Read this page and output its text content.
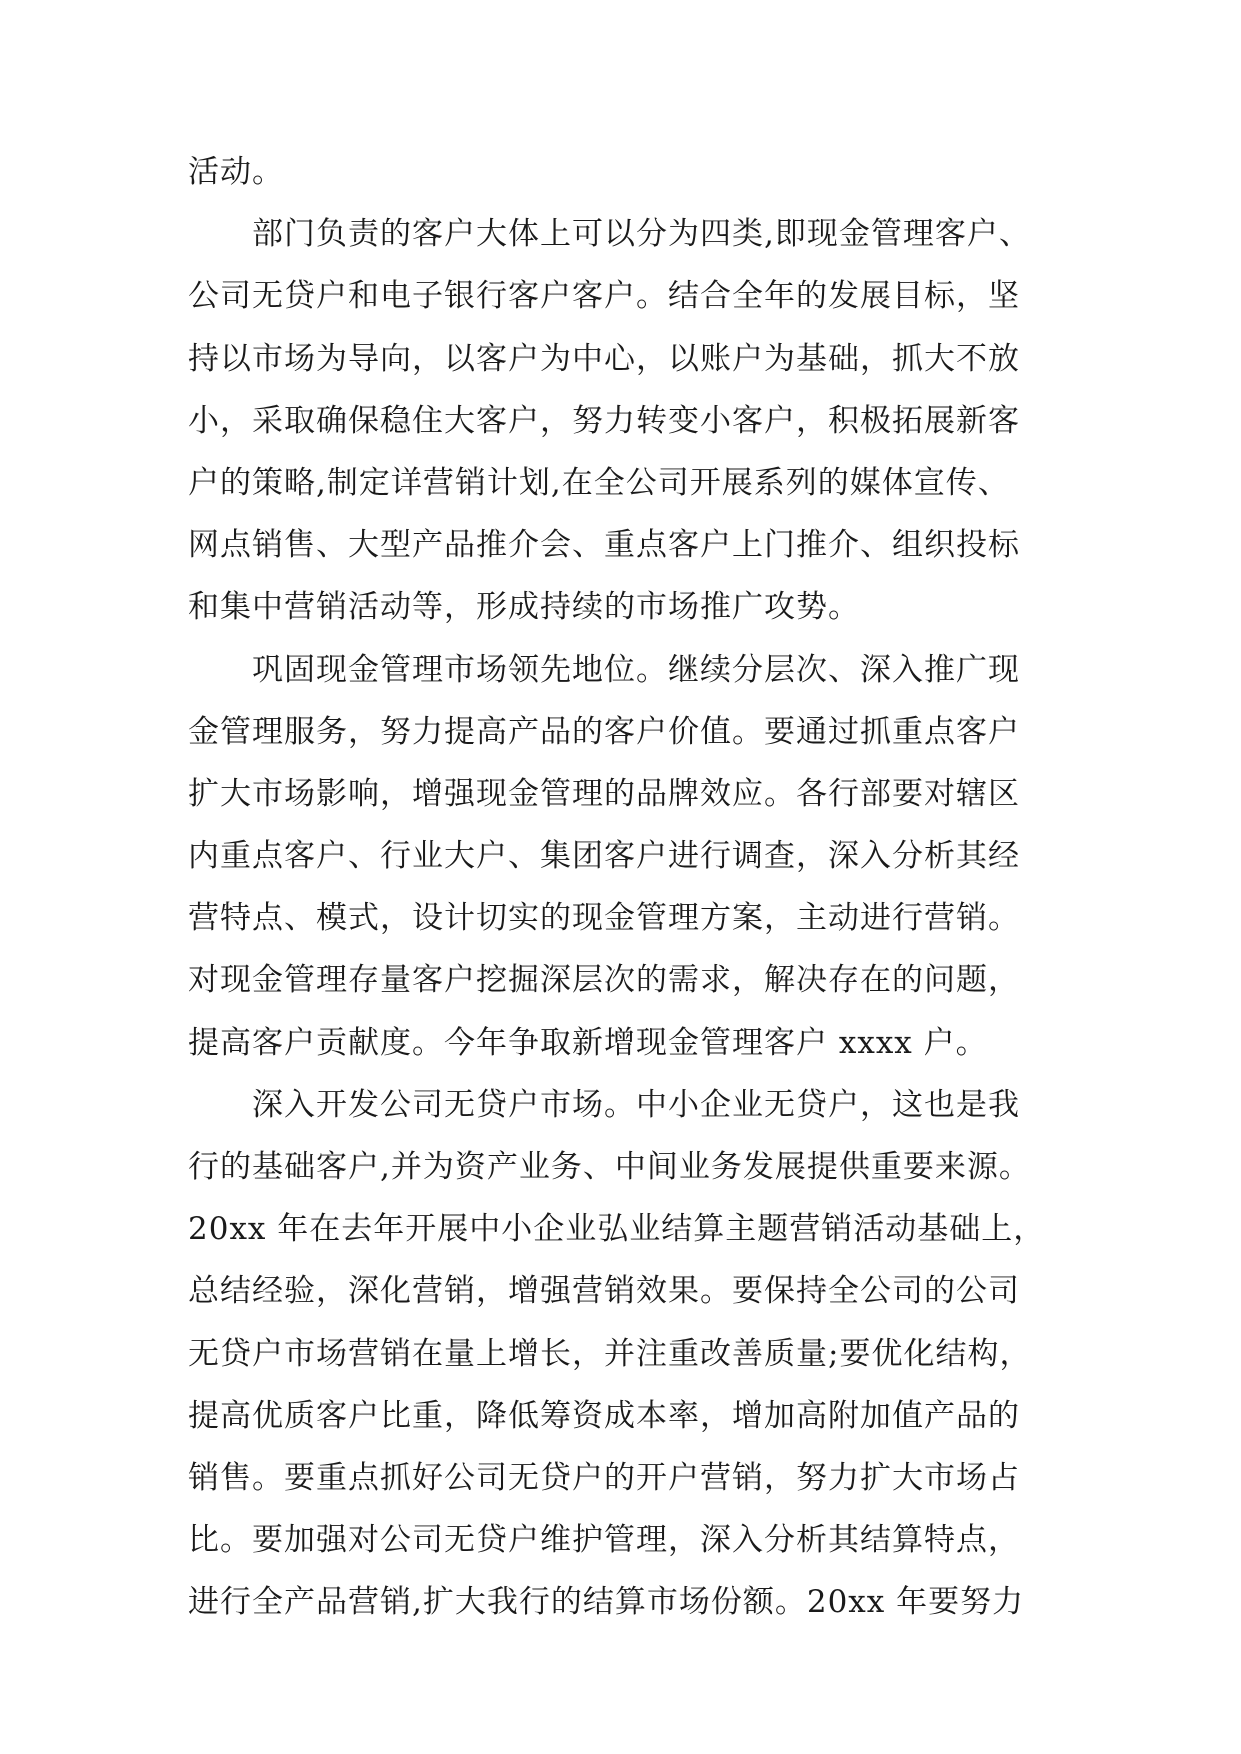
活动。
部门负责的客户大体上可以分为四类,即现金管理客户、
公司无贷户和电子银行客户客户。结合全年的发展目标，坚
持以市场为导向，以客户为中心，以账户为基础，抓大不放
小，采取确保稳住大客户，努力转变小客户，积极拓展新客
户的策略,制定详营销计划,在全公司开展系列的媒体宣传、
网点销售、大型产品推介会、重点客户上门推介、组织投标
和集中营销活动等，形成持续的市场推广攻势。
巩固现金管理市场领先地位。继续分层次、深入推广现
金管理服务，努力提高产品的客户价值。要通过抓重点客户
扩大市场影响，增强现金管理的品牌效应。各行部要对辖区
内重点客户、行业大户、集团客户进行调查，深入分析其经
营特点、模式，设计切实的现金管理方案，主动进行营销。
对现金管理存量客户挖掘深层次的需求，解决存在的问题，
提高客户贡献度。今年争取新增现金管理客户 xxxx 户。
深入开发公司无贷户市场。中小企业无贷户，这也是我
行的基础客户,并为资产业务、中间业务发展提供重要来源。
20xx 年在去年开展中小企业弘业结算主题营销活动基础上，
总结经验，深化营销，增强营销效果。要保持全公司的公司
无贷户市场营销在量上增长，并注重改善质量;要优化结构，
提高优质客户比重，降低筹资成本率，增加高附加值产品的
销售。要重点抓好公司无贷户的开户营销，努力扩大市场占
比。要加强对公司无贷户维护管理，深入分析其结算特点，
进行全产品营销,扩大我行的结算市场份额。20xx 年要努力
